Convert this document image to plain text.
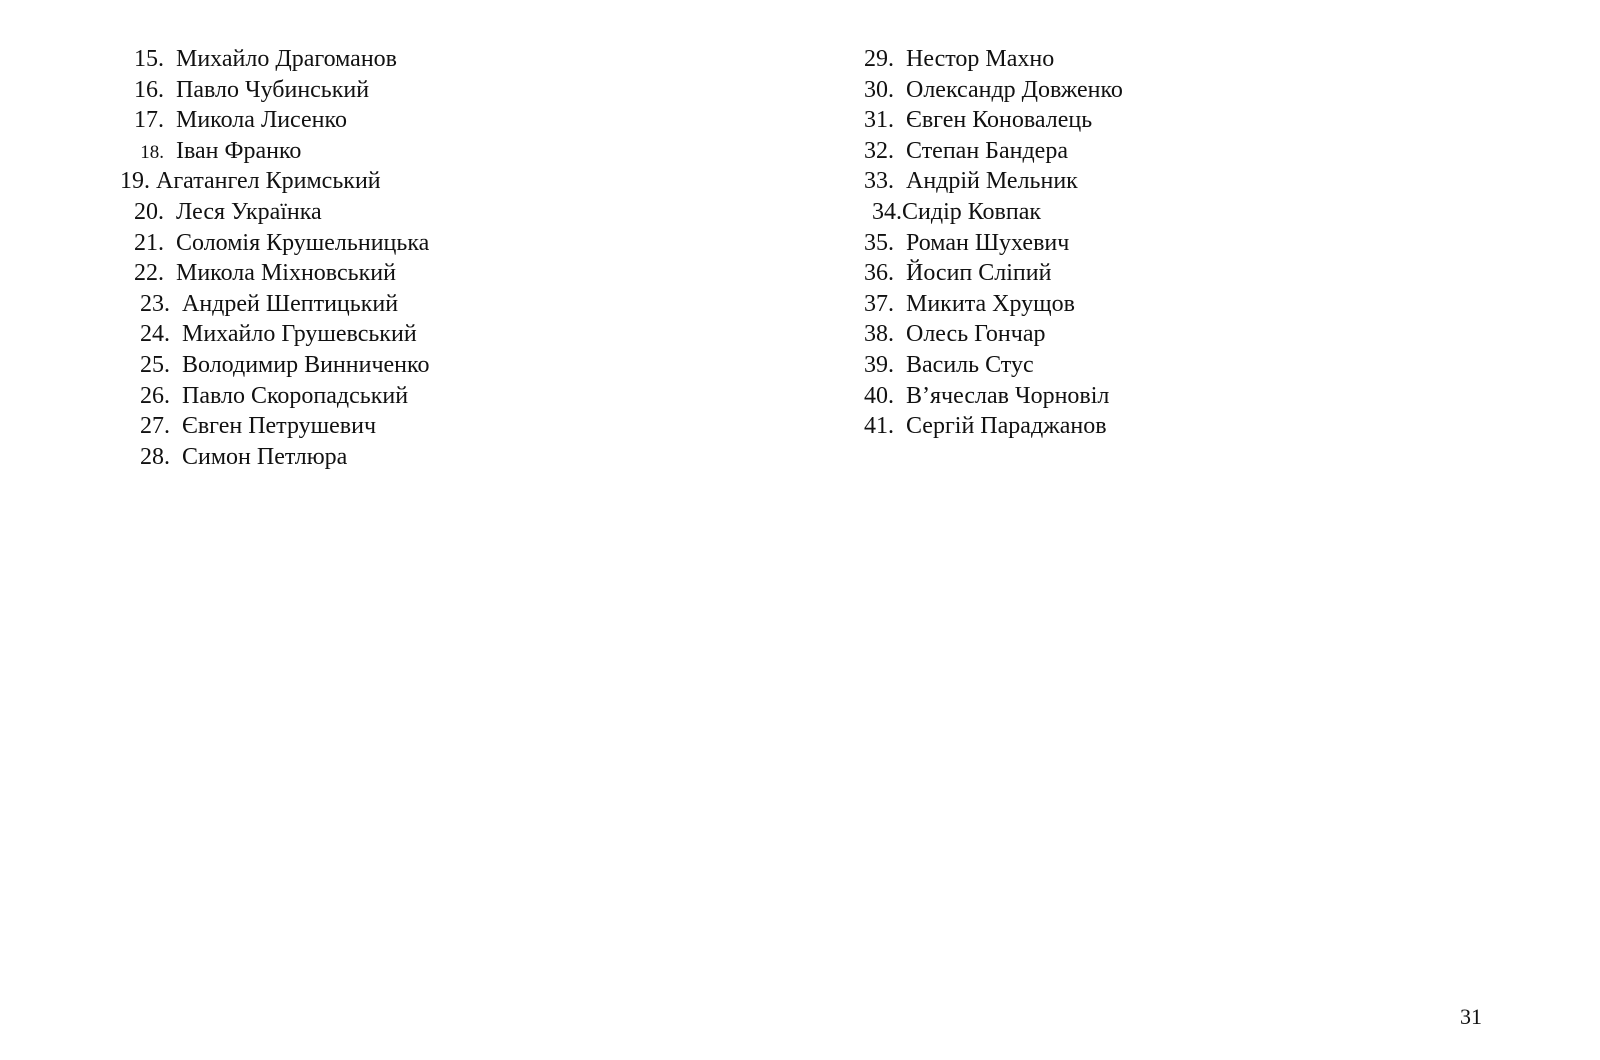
15. Михайло Драгоманов
16. Павло Чубинський
17. Микола Лисенко
18. Іван Франко
19. Агатангел Кримський
20. Леся Українка
21. Соломія Крушельницька
22. Микола Міхновський
23. Андрей Шептицький
24. Михайло Грушевський
25. Володимир Винниченко
26. Павло Скоропадський
27. Євген Петрушевич
28. Симон Петлюра
29. Нестор Махно
30. Олександр Довженко
31. Євген Коновалець
32. Степан Бандера
33. Андрій Мельник
34. Сидір Ковпак
35. Роман Шухевич
36. Йосип Сліпий
37. Микита Хрущов
38. Олесь Гончар
39. Василь Стус
40. В’ячеслав Чорновіл
41. Сергій Параджанов
31
